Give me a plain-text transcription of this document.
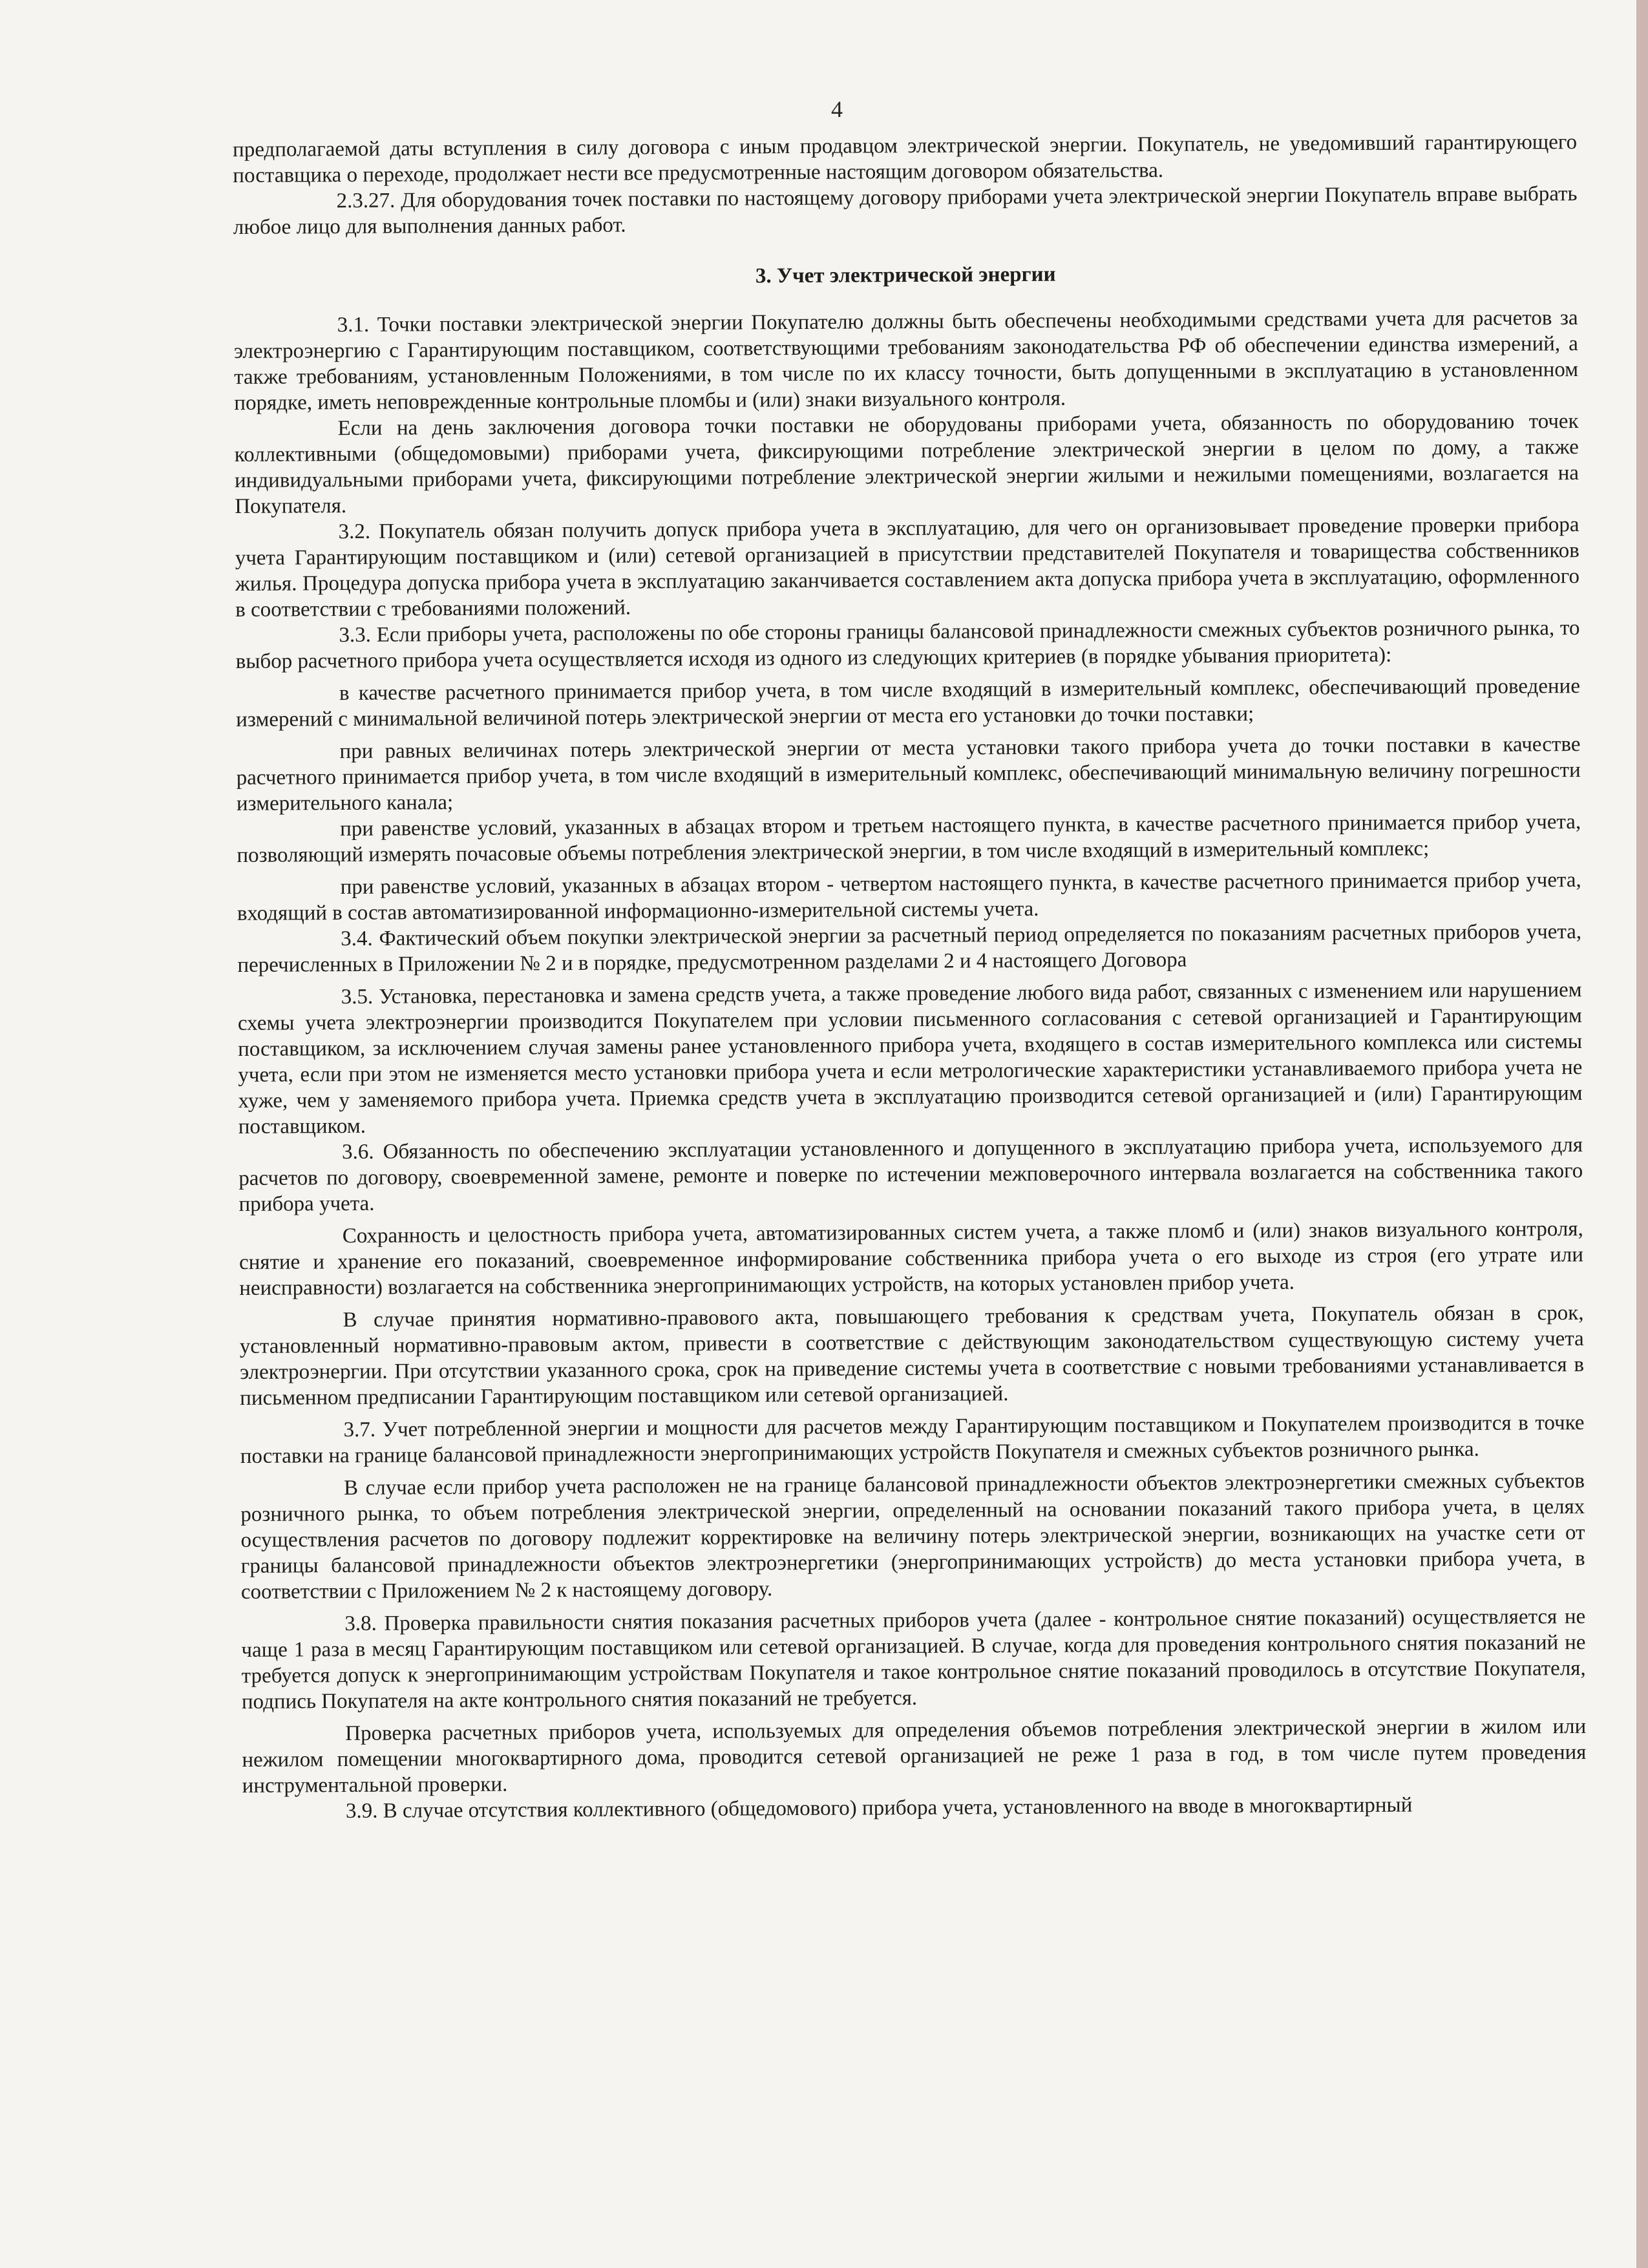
4

предполагаемой даты вступления в силу договора с иным продавцом электрической энергии. Покупатель, не уведомивший гарантирующего поставщика о переходе, продолжает нести все предусмотренные настоящим договором обязательства.

2.3.27. Для оборудования точек поставки по настоящему договору приборами учета электрической энергии Покупатель вправе выбрать любое лицо для выполнения данных работ.

3. Учет электрической энергии

3.1. Точки поставки электрической энергии Покупателю должны быть обеспечены необходимыми средствами учета для расчетов за электроэнергию с Гарантирующим поставщиком, соответствующими требованиям законодательства РФ об обеспечении единства измерений, а также требованиям, установленным Положениями, в том числе по их классу точности, быть допущенными в эксплуатацию в установленном порядке, иметь неповрежденные контрольные пломбы и (или) знаки визуального контроля.

Если на день заключения договора точки поставки не оборудованы приборами учета, обязанность по оборудованию точек коллективными (общедомовыми) приборами учета, фиксирующими потребление электрической энергии в целом по дому, а также индивидуальными приборами учета, фиксирующими потребление электрической энергии жилыми и нежилыми помещениями, возлагается на Покупателя.

3.2. Покупатель обязан получить допуск прибора учета в эксплуатацию, для чего он организовывает проведение проверки прибора учета Гарантирующим поставщиком и (или) сетевой организацией в присутствии представителей Покупателя и товарищества собственников жилья. Процедура допуска прибора учета в эксплуатацию заканчивается составлением акта допуска прибора учета в эксплуатацию, оформленного в соответствии с требованиями положений.

3.3. Если приборы учета, расположены по обе стороны границы балансовой принадлежности смежных субъектов розничного рынка, то выбор расчетного прибора учета осуществляется исходя из одного из следующих критериев (в порядке убывания приоритета):

в качестве расчетного принимается прибор учета, в том числе входящий в измерительный комплекс, обеспечивающий проведение измерений с минимальной величиной потерь электрической энергии от места его установки до точки поставки;

при равных величинах потерь электрической энергии от места установки такого прибора учета до точки поставки в качестве расчетного принимается прибор учета, в том числе входящий в измерительный комплекс, обеспечивающий минимальную величину погрешности измерительного канала;

при равенстве условий, указанных в абзацах втором и третьем настоящего пункта, в качестве расчетного принимается прибор учета, позволяющий измерять почасовые объемы потребления электрической энергии, в том числе входящий в измерительный комплекс;

при равенстве условий, указанных в абзацах втором - четвертом настоящего пункта, в качестве расчетного принимается прибор учета, входящий в состав автоматизированной информационно-измерительной системы учета.

3.4. Фактический объем покупки электрической энергии за расчетный период определяется по показаниям расчетных приборов учета, перечисленных в Приложении № 2 и в порядке, предусмотренном разделами 2 и 4 настоящего Договора

3.5. Установка, перестановка и замена средств учета, а также проведение любого вида работ, связанных с изменением или нарушением схемы учета электроэнергии производится Покупателем при условии письменного согласования с сетевой организацией и Гарантирующим поставщиком, за исключением случая замены ранее установленного прибора учета, входящего в состав измерительного комплекса или системы учета, если при этом не изменяется место установки прибора учета и если метрологические характеристики устанавливаемого прибора учета не хуже, чем у заменяемого прибора учета. Приемка средств учета в эксплуатацию производится сетевой организацией и (или) Гарантирующим поставщиком.

3.6. Обязанность по обеспечению эксплуатации установленного и допущенного в эксплуатацию прибора учета, используемого для расчетов по договору, своевременной замене, ремонте и поверке по истечении межповерочного интервала возлагается на собственника такого прибора учета.

Сохранность и целостность прибора учета, автоматизированных систем учета, а также пломб и (или) знаков визуального контроля, снятие и хранение его показаний, своевременное информирование собственника прибора учета о его выходе из строя (его утрате или неисправности) возлагается на собственника энергопринимающих устройств, на которых установлен прибор учета.

В случае принятия нормативно-правового акта, повышающего требования к средствам учета, Покупатель обязан в срок, установленный нормативно-правовым актом, привести в соответствие с действующим законодательством существующую систему учета электроэнергии. При отсутствии указанного срока, срок на приведение системы учета в соответствие с новыми требованиями устанавливается в письменном предписании Гарантирующим поставщиком или сетевой организацией.

3.7. Учет потребленной энергии и мощности для расчетов между Гарантирующим поставщиком и Покупателем производится в точке поставки на границе балансовой принадлежности энергопринимающих устройств Покупателя и смежных субъектов розничного рынка.

В случае если прибор учета расположен не на границе балансовой принадлежности объектов электроэнергетики смежных субъектов розничного рынка, то объем потребления электрической энергии, определенный на основании показаний такого прибора учета, в целях осуществления расчетов по договору подлежит корректировке на величину потерь электрической энергии, возникающих на участке сети от границы балансовой принадлежности объектов электроэнергетики (энергопринимающих устройств) до места установки прибора учета, в соответствии с Приложением № 2 к настоящему договору.

3.8. Проверка правильности снятия показания расчетных приборов учета (далее - контрольное снятие показаний) осуществляется не чаще 1 раза в месяц Гарантирующим поставщиком или сетевой организацией. В случае, когда для проведения контрольного снятия показаний не требуется допуск к энергопринимающим устройствам Покупателя и такое контрольное снятие показаний проводилось в отсутствие Покупателя, подпись Покупателя на акте контрольного снятия показаний не требуется.

Проверка расчетных приборов учета, используемых для определения объемов потребления электрической энергии в жилом или нежилом помещении многоквартирного дома, проводится сетевой организацией не реже 1 раза в год, в том числе путем проведения инструментальной проверки.

3.9. В случае отсутствия коллективного (общедомового) прибора учета, установленного на вводе в многоквартирный
